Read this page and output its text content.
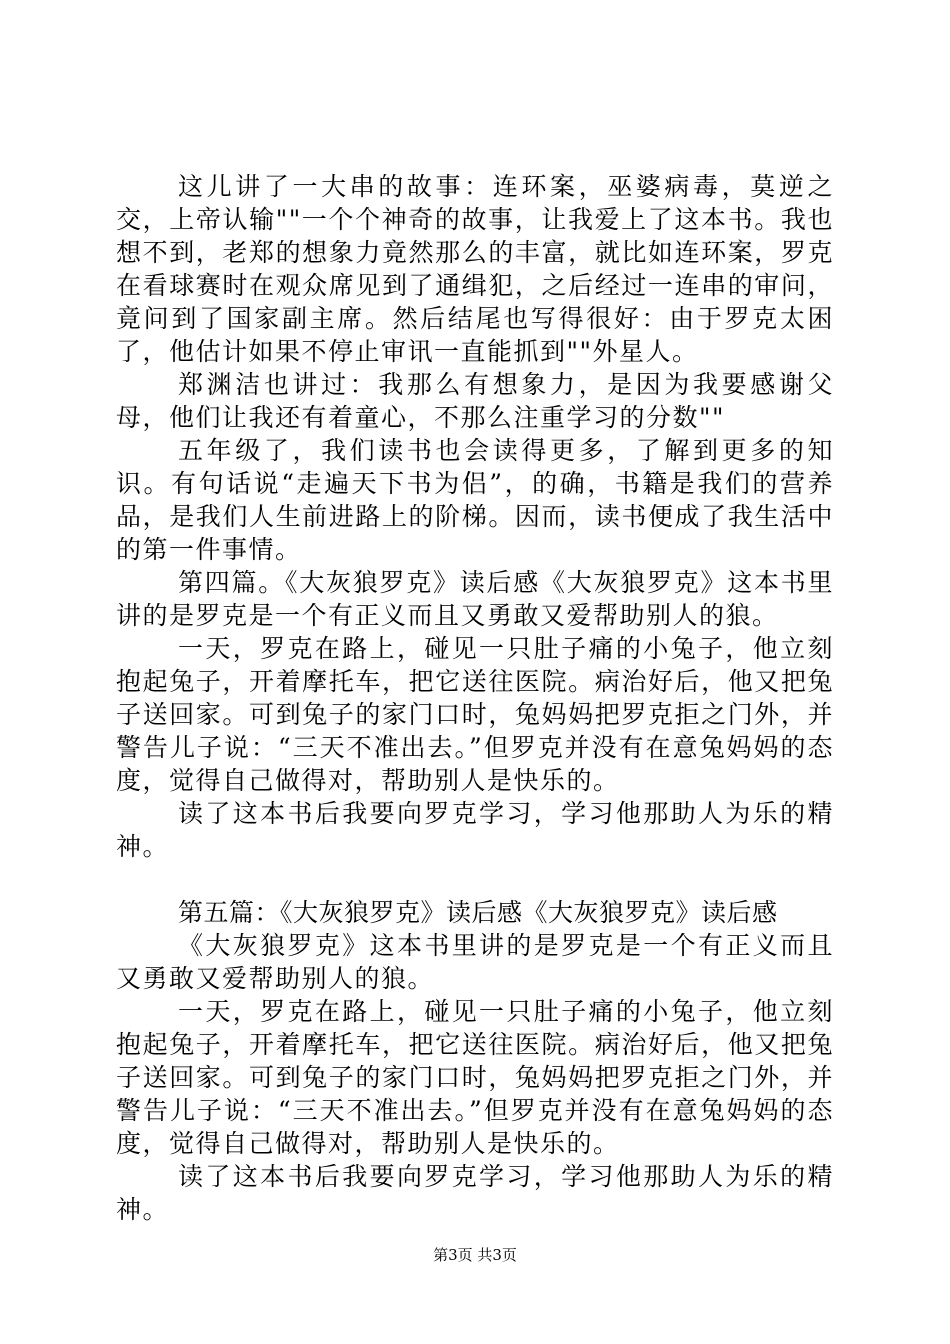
这儿讲了一大串的故事：连环案，巫婆病毒，莫逆之交，上帝认输""一个个神奇的故事，让我爱上了这本书。我也想不到，老郑的想象力竟然那么的丰富，就比如连环案，罗克在看球赛时在观众席见到了通缉犯，之后经过一连串的审问，竟问到了国家副主席。然后结尾也写得很好：由于罗克太困了，他估计如果不停止审讯一直能抓到""外星人。

郑渊洁也讲过：我那么有想象力，是因为我要感谢父母，他们让我还有着童心，不那么注重学习的分数""

五年级了，我们读书也会读得更多，了解到更多的知识。有句话说“走遍天下书为侣”，的确，书籍是我们的营养品，是我们人生前进路上的阶梯。因而，读书便成了我生活中的第一件事情。

第四篇。《大灰狼罗克》读后感《大灰狼罗克》这本书里讲的是罗克是一个有正义而且又勇敢又爱帮助别人的狼。

一天，罗克在路上，碰见一只肚子痛的小兔子，他立刻抱起兔子，开着摩托车，把它送往医院。病治好后，他又把兔子送回家。可到兔子的家门口时，兔妈妈把罗克拒之门外，并警告儿子说：“三天不准出去。”但罗克并没有在意兔妈妈的态度，觉得自己做得对，帮助别人是快乐的。

读了这本书后我要向罗克学习，学习他那助人为乐的精神。

第五篇：《大灰狼罗克》读后感《大灰狼罗克》读后感

《大灰狼罗克》这本书里讲的是罗克是一个有正义而且又勇敢又爱帮助别人的狼。

一天，罗克在路上，碰见一只肚子痛的小兔子，他立刻抱起兔子，开着摩托车，把它送往医院。病治好后，他又把兔子送回家。可到兔子的家门口时，兔妈妈把罗克拒之门外，并警告儿子说：“三天不准出去。”但罗克并没有在意兔妈妈的态度，觉得自己做得对，帮助别人是快乐的。

读了这本书后我要向罗克学习，学习他那助人为乐的精神。

第3页 共3页
